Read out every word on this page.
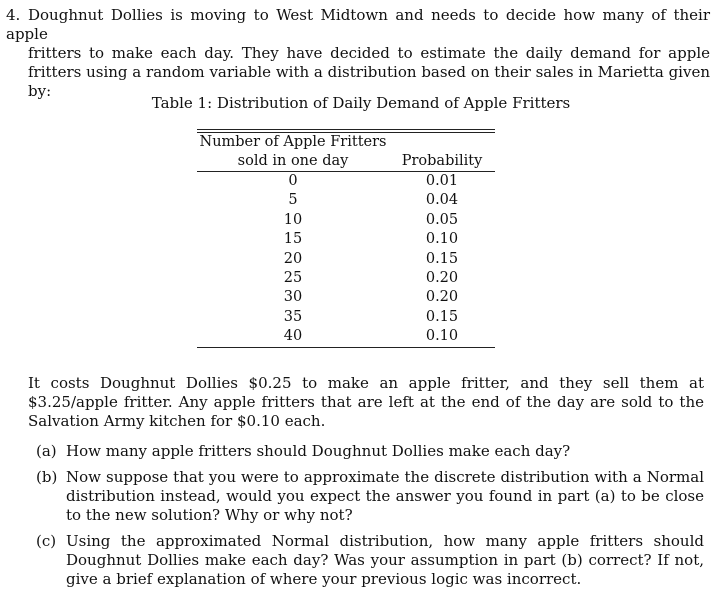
4. Doughnut Dollies is moving to West Midtown and needs to decide how many of their apple
fritters to make each day. They have decided to estimate the daily demand for apple fritters using a random variable with a distribution based on their sales in Marietta given by:
Table 1: Distribution of Daily Demand of Apple Fritters
Number of Apple Fritters
sold in one day	Probability

0	0.01
5	0.04
10	0.05
15	0.10
20	0.15
25	0.20
30	0.20
35	0.15
40	0.10
It costs Doughnut Dollies $0.25 to make an apple fritter, and they sell them at $3.25/apple fritter. Any apple fritters that are left at the end of the day are sold to the Salvation Army kitchen for $0.10 each.
(a) How many apple fritters should Doughnut Dollies make each day?
(b) Now suppose that you were to approximate the discrete distribution with a Normal distribution instead, would you expect the answer you found in part (a) to be close to the new solution? Why or why not?
(c) Using the approximated Normal distribution, how many apple fritters should Doughnut Dollies make each day? Was your assumption in part (b) correct? If not, give a brief explanation of where your previous logic was incorrect.
